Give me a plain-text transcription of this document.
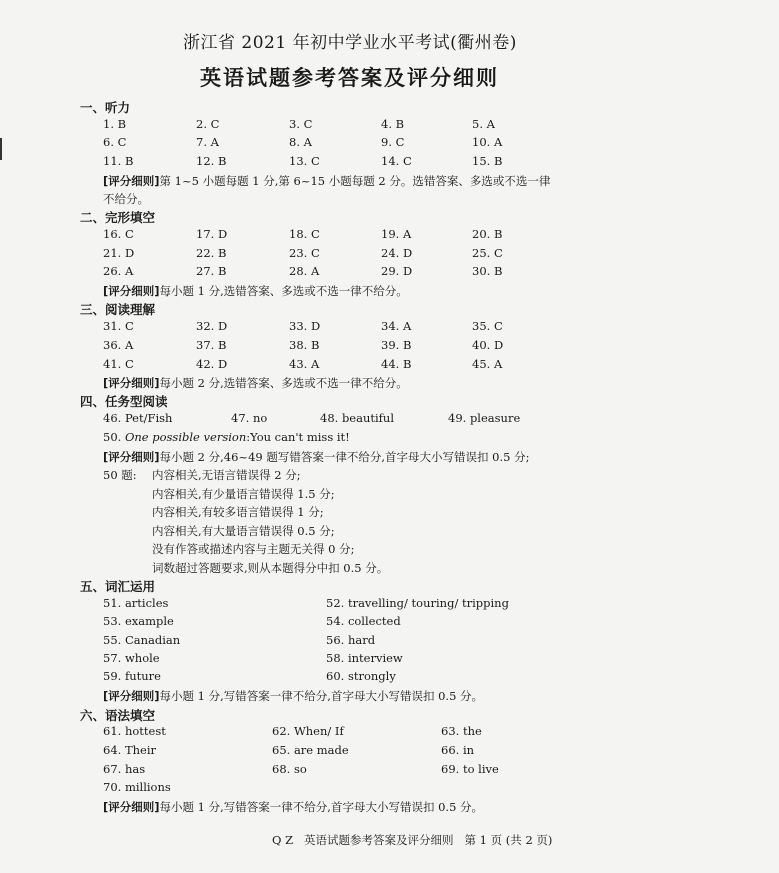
浙江省 2021 年初中学业水平考试(衢州卷)
英语试题参考答案及评分细则
一、听力
1. B	2. C	3. C	4. B	5. A
6. C	7. A	8. A	9. C	10. A
11. B	12. B	13. C	14. C	15. B
[评分细则]第 1~5 小题每题 1 分,第 6~15 小题每题 2 分。选错答案、多选或不选一律
不给分。
二、完形填空
16. C	17. D	18. C	19. A	20. B
21. D	22. B	23. C	24. D	25. C
26. A	27. B	28. A	29. D	30. B
[评分细则]每小题 1 分,选错答案、多选或不选一律不给分。
三、阅读理解
31. C	32. D	33. D	34. A	35. C
36. A	37. B	38. B	39. B	40. D
41. C	42. D	43. A	44. B	45. A
[评分细则]每小题 2 分,选错答案、多选或不选一律不给分。
四、任务型阅读
46. Pet/Fish	47. no	48. beautiful	49. pleasure
50. One possible version:You can't miss it!
[评分细则]每小题 2 分,46~49 题写错答案一律不给分,首字母大小写错误扣 0.5 分;
50 题: 内容相关,无语言错误得 2 分;
内容相关,有少量语言错误得 1.5 分;
内容相关,有较多语言错误得 1 分;
内容相关,有大量语言错误得 0.5 分;
没有作答或描述内容与主题无关得 0 分;
词数超过答题要求,则从本题得分中扣 0.5 分。
五、词汇运用
51. articles	52. travelling/ touring/ tripping
53. example	54. collected
55. Canadian	56. hard
57. whole	58. interview
59. future	60. strongly
[评分细则]每小题 1 分,写错答案一律不给分,首字母大小写错误扣 0.5 分。
六、语法填空
61. hottest	62. When/ If	63. the
64. Their	65. are made	66. in
67. has	68. so	69. to live
70. millions
[评分细则]每小题 1 分,写错答案一律不给分,首字母大小写错误扣 0.5 分。
Q Z 英语试题参考答案及评分细则 第 1 页 (共 2 页)
